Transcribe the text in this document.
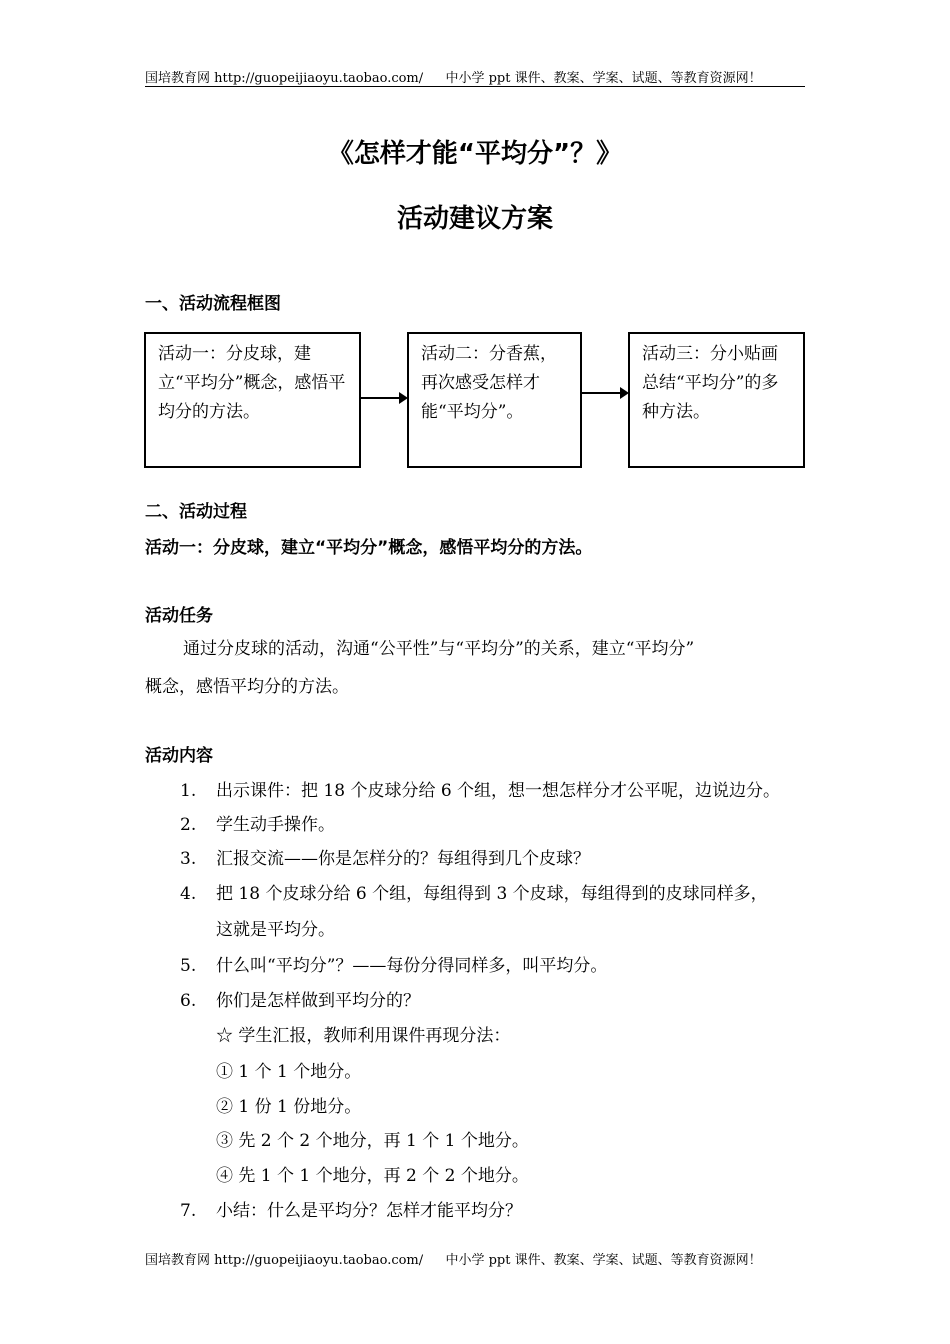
国培教育网 http://guopeijiaoyu.taobao.com/ 中小学 ppt 课件、教案、学案、试题、等教育资源网！
《怎样才能“平均分”？》
活动建议方案
一、活动流程框图
活动一：分皮球，建立“平均分”概念，感悟平均分的方法。
活动二：分香蕉，再次感受怎样才能“平均分”。
活动三：分小贴画总结“平均分”的多种方法。
二、活动过程
活动一：分皮球，建立“平均分”概念，感悟平均分的方法。
活动任务
通过分皮球的活动，沟通“公平性”与“平均分”的关系，建立“平均分”
概念，感悟平均分的方法。
活动内容
1. 出示课件：把 18 个皮球分给 6 个组，想一想怎样分才公平呢，边说边分。
2. 学生动手操作。
3. 汇报交流——你是怎样分的？每组得到几个皮球？
4. 把 18 个皮球分给 6 个组，每组得到 3 个皮球，每组得到的皮球同样多，
这就是平均分。
5. 什么叫“平均分”？——每份分得同样多，叫平均分。
6. 你们是怎样做到平均分的？
☆ 学生汇报，教师利用课件再现分法：
① 1 个 1 个地分。
② 1 份 1 份地分。
③ 先 2 个 2 个地分，再 1 个 1 个地分。
④ 先 1 个 1 个地分，再 2 个 2 个地分。
7. 小结：什么是平均分？怎样才能平均分？
国培教育网 http://guopeijiaoyu.taobao.com/ 中小学 ppt 课件、教案、学案、试题、等教育资源网！
